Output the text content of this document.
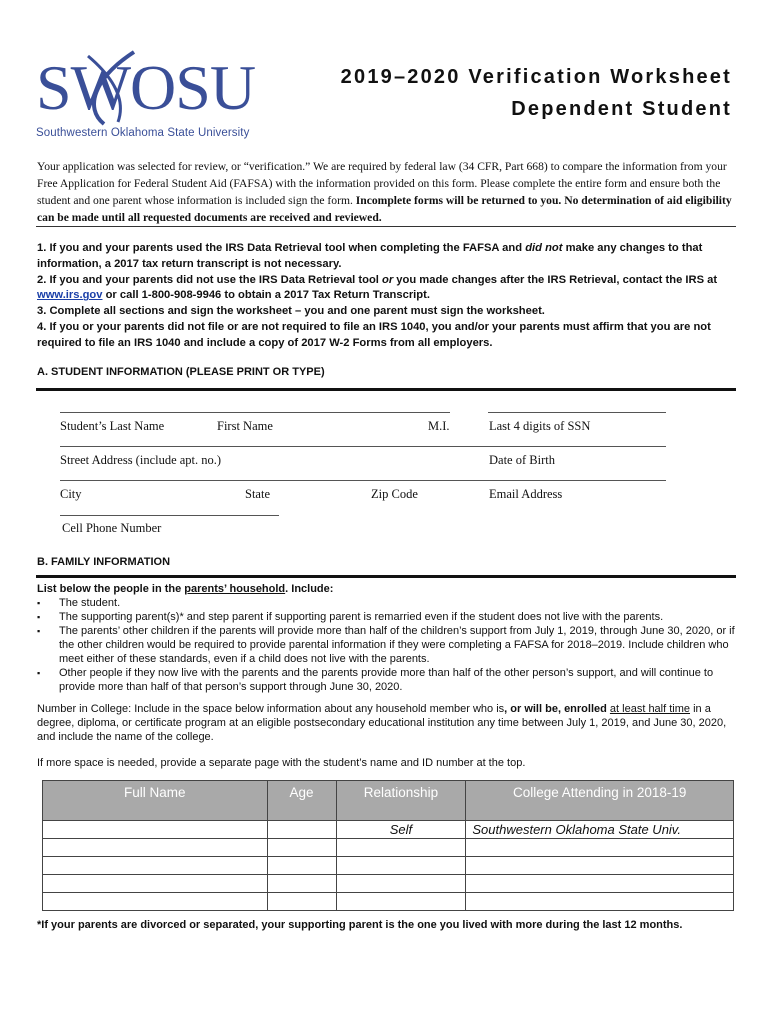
SWOSU
Southwestern Oklahoma State University
2019–2020 Verification Worksheet
Dependent Student
Your application was selected for review, or “verification.” We are required by federal law (34 CFR, Part 668) to compare the information from your Free Application for Federal Student Aid (FAFSA) with the information provided on this form. Please complete the entire form and ensure both the student and one parent whose information is included sign the form. Incomplete forms will be returned to you. No determination of aid eligibility can be made until all requested documents are received and reviewed.
1. If you and your parents used the IRS Data Retrieval tool when completing the FAFSA and did not make any changes to that information, a 2017 tax return transcript is not necessary.
2. If you and your parents did not use the IRS Data Retrieval tool or you made changes after the IRS Retrieval, contact the IRS at www.irs.gov or call 1-800-908-9946 to obtain a 2017 Tax Return Transcript.
3. Complete all sections and sign the worksheet – you and one parent must sign the worksheet.
4. If you or your parents did not file or are not required to file an IRS 1040, you and/or your parents must affirm that you are not required to file an IRS 1040 and include a copy of 2017 W-2 Forms from all employers.
A. STUDENT INFORMATION (PLEASE PRINT OR TYPE)
Student’s Last Name	First Name	M.I.	Last 4 digits of SSN
Street Address (include apt. no.)	Date of Birth
City	State	Zip Code	Email Address
Cell Phone Number
B. FAMILY INFORMATION
List below the people in the parents’ household. Include:
▪ The student.
▪ The supporting parent(s)* and step parent if supporting parent is remarried even if the student does not live with the parents.
▪ The parents’ other children if the parents will provide more than half of the children’s support from July 1, 2019, through June 30, 2020, or if the other children would be required to provide parental information if they were completing a FAFSA for 2018–2019. Include children who meet either of these standards, even if a child does not live with the parents.
▪ Other people if they now live with the parents and the parents provide more than half of the other person’s support, and will continue to provide more than half of that person’s support through June 30, 2020.
Number in College: Include in the space below information about any household member who is, or will be, enrolled at least half time in a degree, diploma, or certificate program at an eligible postsecondary educational institution any time between July 1, 2019, and June 30, 2020, and include the name of the college.
If more space is needed, provide a separate page with the student’s name and ID number at the top.
Full Name	Age	Relationship	College Attending in 2018-19
		Self	Southwestern Oklahoma State Univ.

*If your parents are divorced or separated, your supporting parent is the one you lived with more during the last 12 months.
